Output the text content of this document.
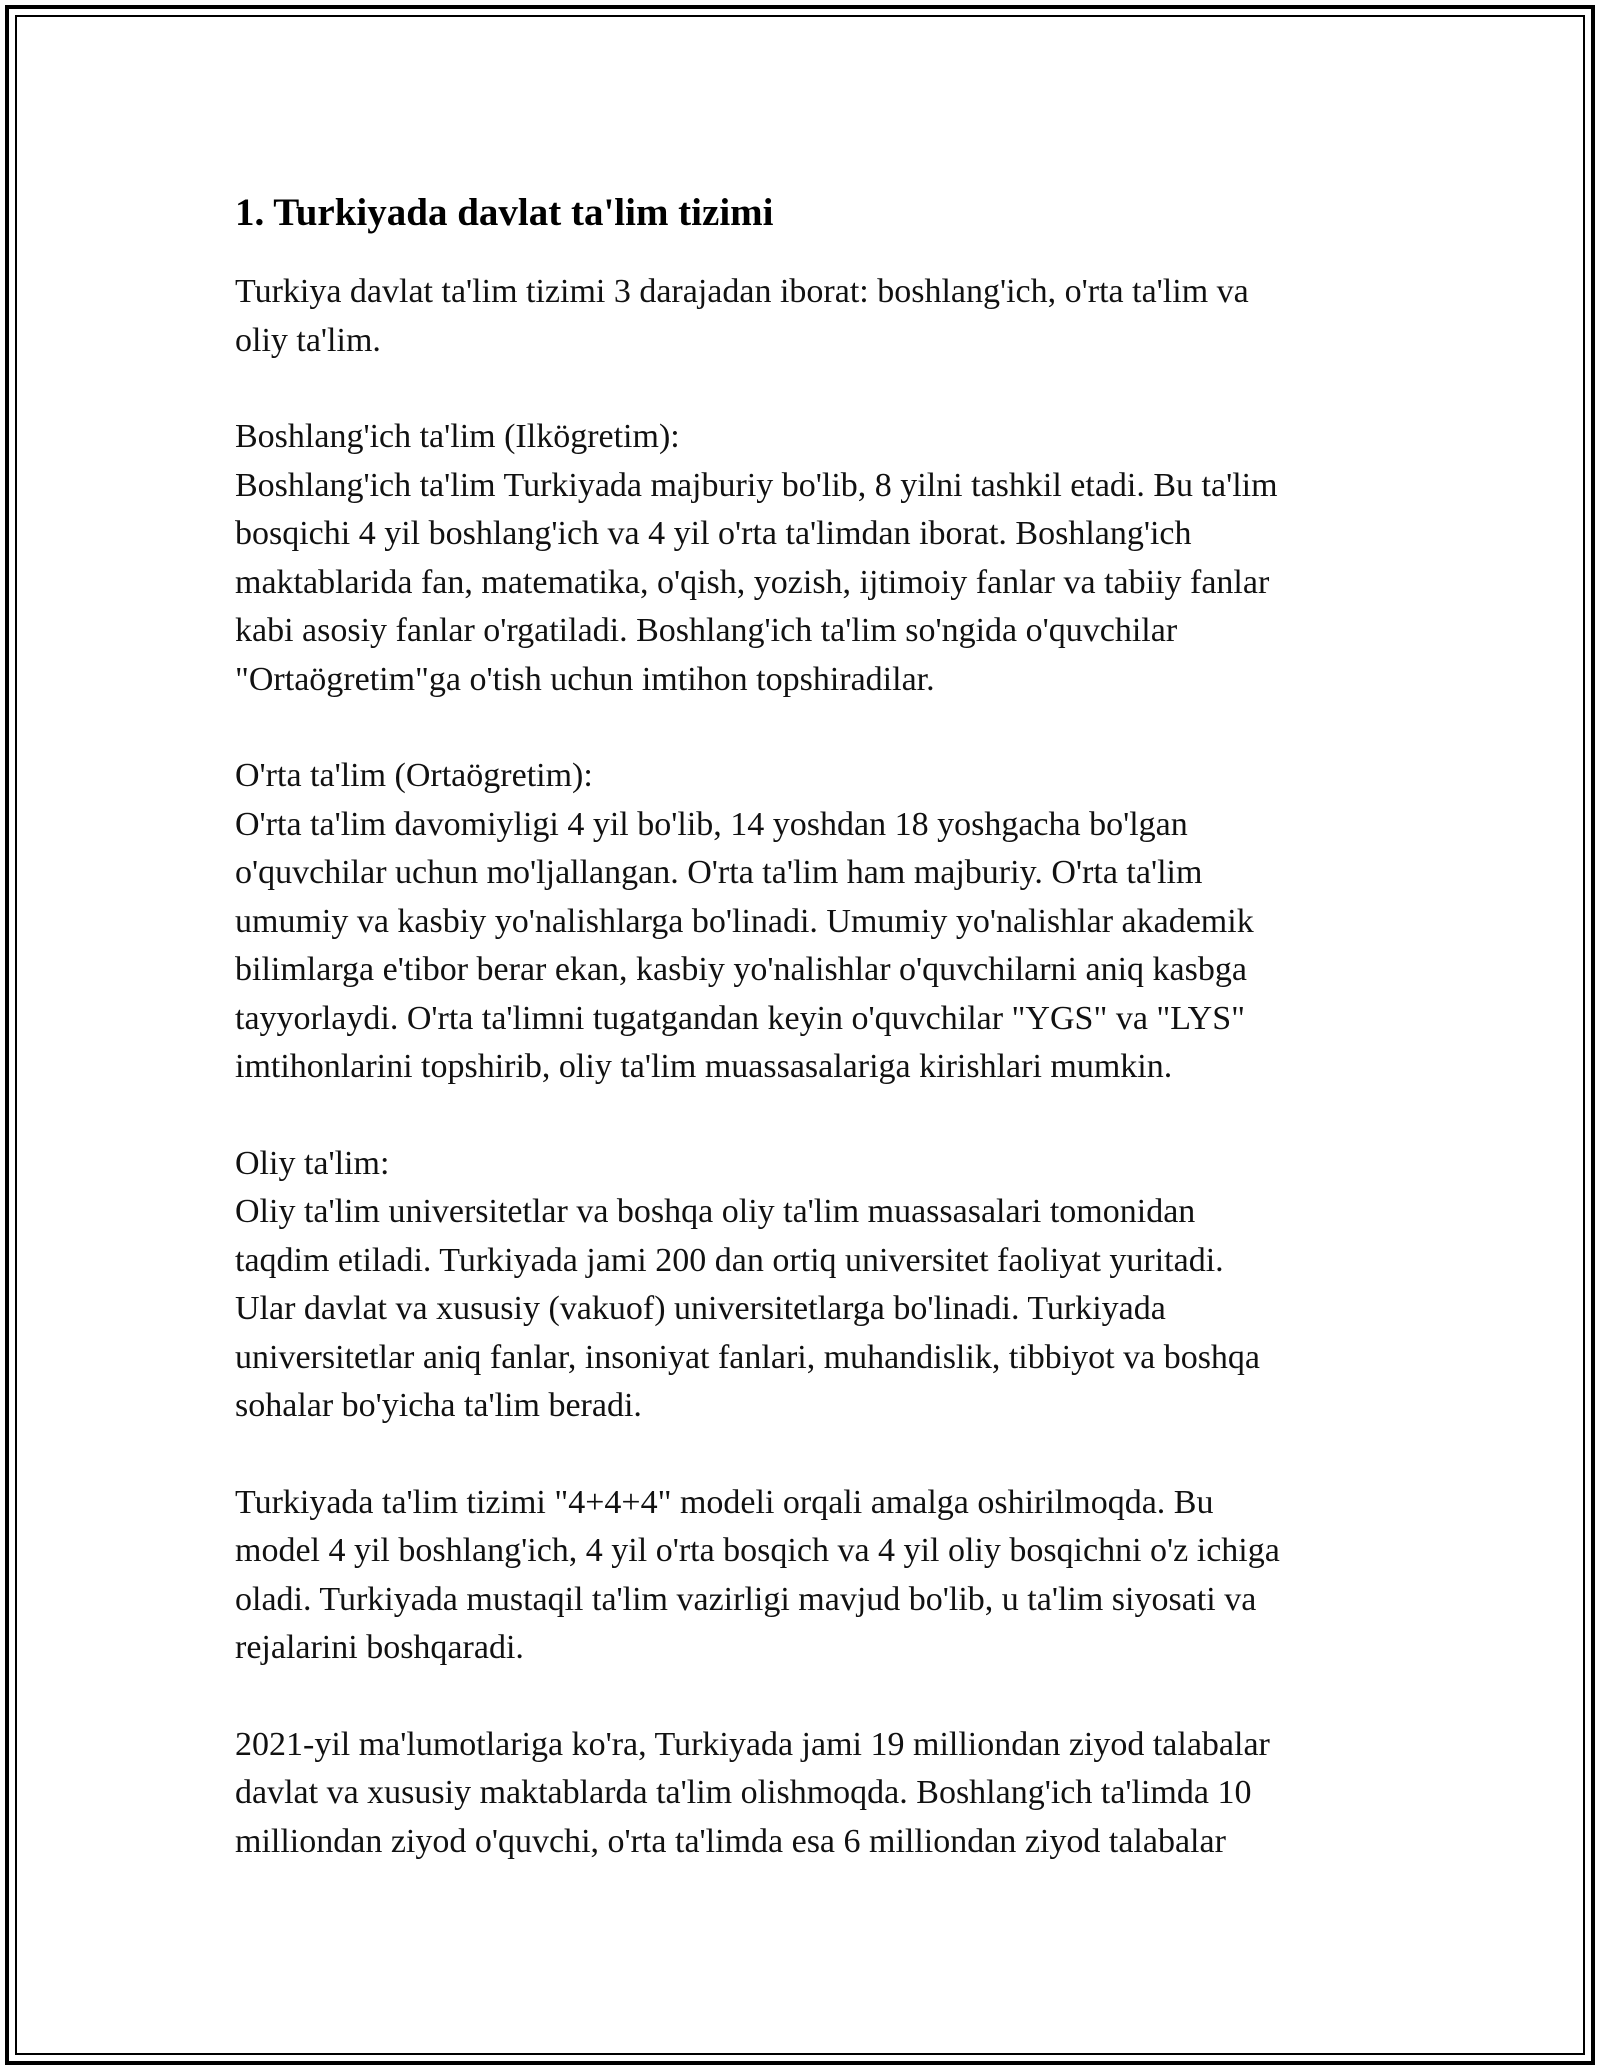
1. Turkiyada davlat ta'lim tizimi

Turkiya davlat ta'lim tizimi 3 darajadan iborat: boshlang'ich, o'rta ta'lim va
oliy ta'lim.

Boshlang'ich ta'lim (Ilkögretim):
Boshlang'ich ta'lim Turkiyada majburiy bo'lib, 8 yilni tashkil etadi. Bu ta'lim
bosqichi 4 yil boshlang'ich va 4 yil o'rta ta'limdan iborat. Boshlang'ich
maktablarida fan, matematika, o'qish, yozish, ijtimoiy fanlar va tabiiy fanlar
kabi asosiy fanlar o'rgatiladi. Boshlang'ich ta'lim so'ngida o'quvchilar
"Ortaögretim"ga o'tish uchun imtihon topshiradilar.

O'rta ta'lim (Ortaögretim):
O'rta ta'lim davomiyligi 4 yil bo'lib, 14 yoshdan 18 yoshgacha bo'lgan
o'quvchilar uchun mo'ljallangan. O'rta ta'lim ham majburiy. O'rta ta'lim
umumiy va kasbiy yo'nalishlarga bo'linadi. Umumiy yo'nalishlar akademik
bilimlarga e'tibor berar ekan, kasbiy yo'nalishlar o'quvchilarni aniq kasbga
tayyorlaydi. O'rta ta'limni tugatgandan keyin o'quvchilar "YGS" va "LYS"
imtihonlarini topshirib, oliy ta'lim muassasalariga kirishlari mumkin.

Oliy ta'lim:
Oliy ta'lim universitetlar va boshqa oliy ta'lim muassasalari tomonidan
taqdim etiladi. Turkiyada jami 200 dan ortiq universitet faoliyat yuritadi.
Ular davlat va xususiy (vakuof) universitetlarga bo'linadi. Turkiyada
universitetlar aniq fanlar, insoniyat fanlari, muhandislik, tibbiyot va boshqa
sohalar bo'yicha ta'lim beradi.

Turkiyada ta'lim tizimi "4+4+4" modeli orqali amalga oshirilmoqda. Bu
model 4 yil boshlang'ich, 4 yil o'rta bosqich va 4 yil oliy bosqichni o'z ichiga
oladi. Turkiyada mustaqil ta'lim vazirligi mavjud bo'lib, u ta'lim siyosati va
rejalarini boshqaradi.

2021-yil ma'lumotlariga ko'ra, Turkiyada jami 19 milliondan ziyod talabalar
davlat va xususiy maktablarda ta'lim olishmoqda. Boshlang'ich ta'limda 10
milliondan ziyod o'quvchi, o'rta ta'limda esa 6 milliondan ziyod talabalar
